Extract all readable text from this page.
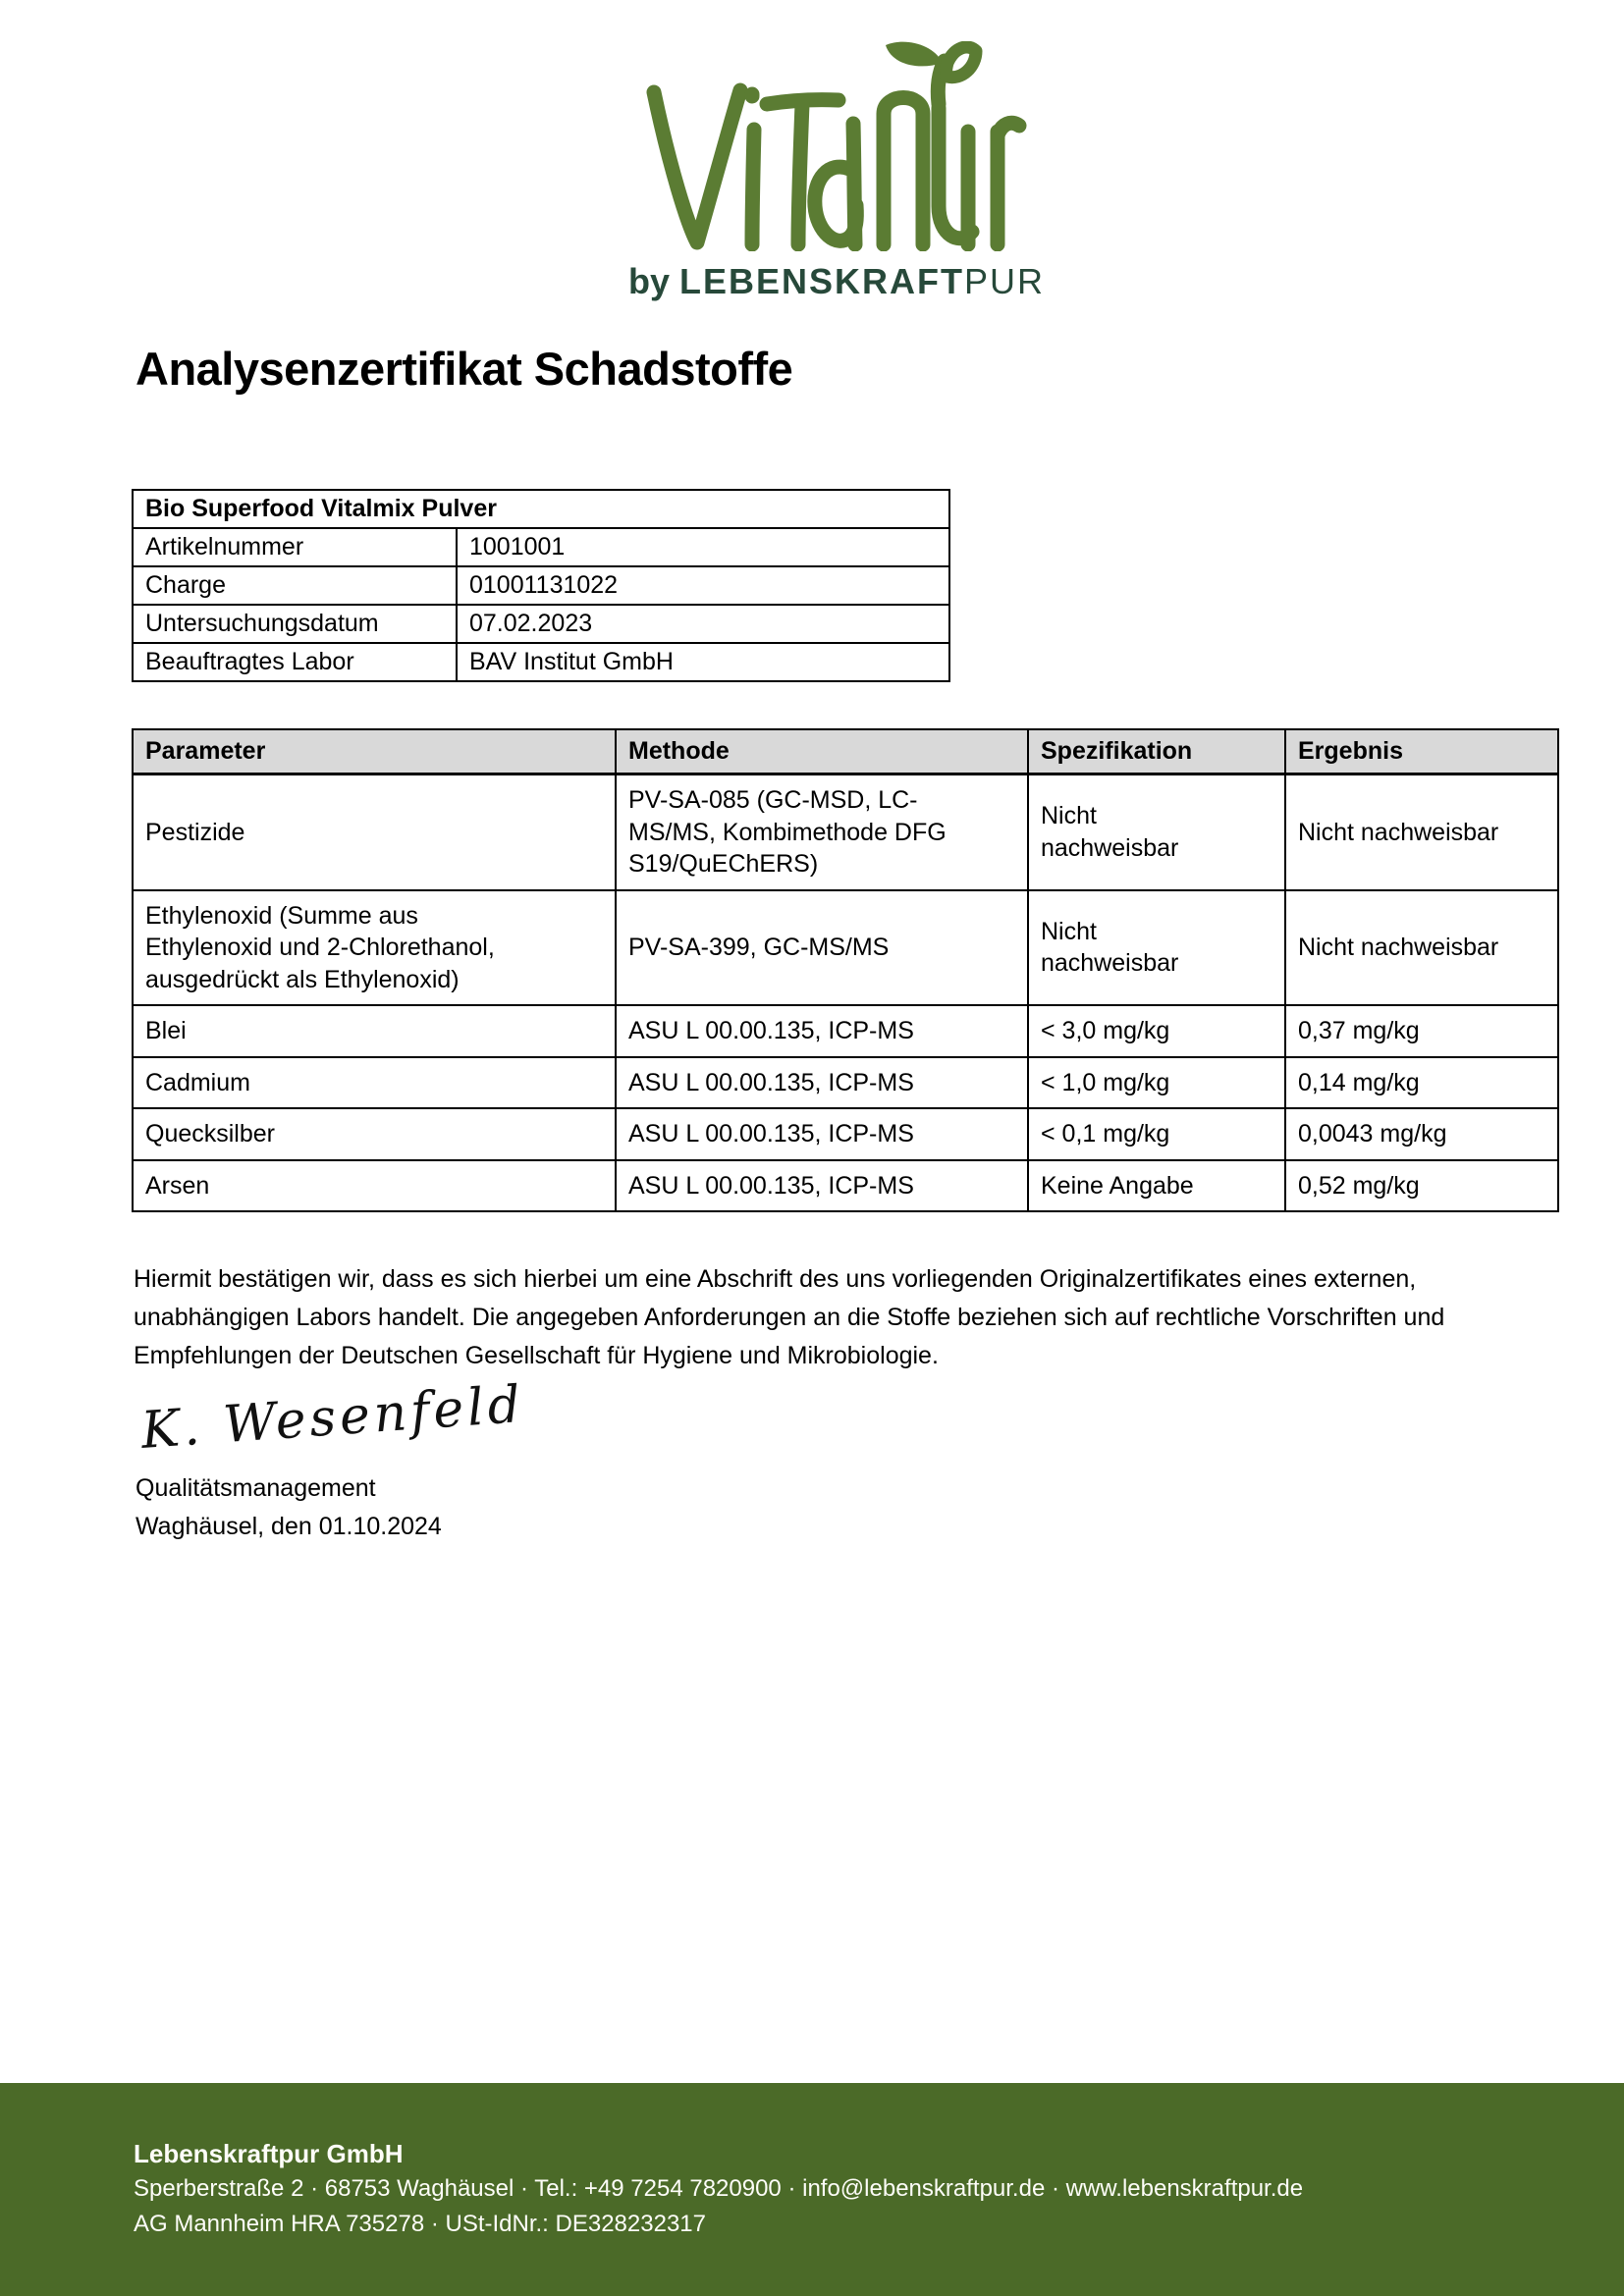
by LEBENSKRAFTPUR
Analysenzertifikat Schadstoffe
Bio Superfood Vitalmix Pulver	
Artikelnummer	1001001
Charge	01001131022
Untersuchungsdatum	07.02.2023
Beauftragtes Labor	BAV Institut GmbH
Parameter	Methode	Spezifikation	Ergebnis
Pestizide	PV-SA-085 (GC-MSD, LC-MS/MS, Kombimethode DFG S19/QuEChERS)	Nicht nachweisbar	Nicht nachweisbar
Ethylenoxid (Summe aus Ethylenoxid und 2-Chlorethanol, ausgedrückt als Ethylenoxid)	PV-SA-399, GC-MS/MS	Nicht nachweisbar	Nicht nachweisbar
Blei	ASU L 00.00.135, ICP-MS	< 3,0 mg/kg	0,37 mg/kg
Cadmium	ASU L 00.00.135, ICP-MS	< 1,0 mg/kg	0,14 mg/kg
Quecksilber	ASU L 00.00.135, ICP-MS	< 0,1 mg/kg	0,0043 mg/kg
Arsen	ASU L 00.00.135, ICP-MS	Keine Angabe	0,52 mg/kg

Hiermit bestätigen wir, dass es sich hierbei um eine Abschrift des uns vorliegenden Originalzertifikates eines externen, unabhängigen Labors handelt. Die angegeben Anforderungen an die Stoffe beziehen sich auf rechtliche Vorschriften und Empfehlungen der Deutschen Gesellschaft für Hygiene und Mikrobiologie.

K. Wesenfeld
Qualitätsmanagement
Waghäusel, den 01.10.2024
Lebenskraftpur GmbH
Sperberstraße 2 · 68753 Waghäusel · Tel.: +49 7254 7820900 · info@lebenskraftpur.de · www.lebenskraftpur.de
AG Mannheim HRA 735278 · USt-IdNr.: DE328232317
